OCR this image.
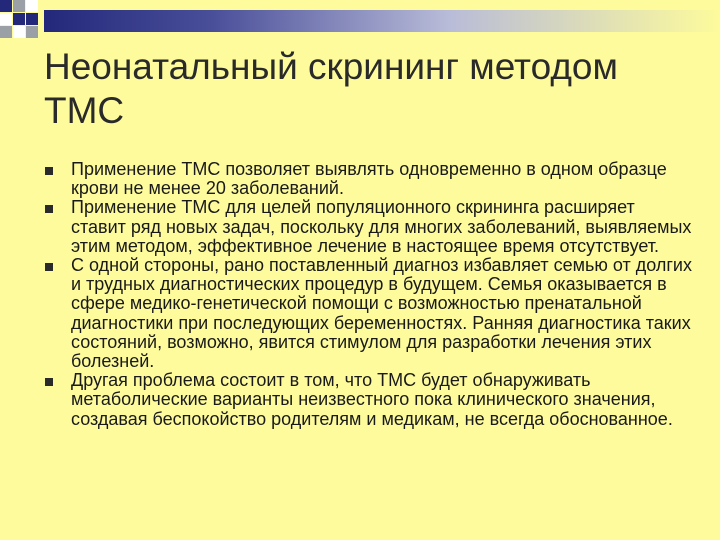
Неонатальный скрининг методом ТМС
Применение ТМС позволяет выявлять одновременно в одном образце крови не менее 20 заболеваний.
Применение ТМС для целей популяционного скрининга расширяет ставит ряд новых задач, поскольку для многих заболеваний, выявляемых этим методом, эффективное лечение в настоящее время отсутствует.
С одной стороны, рано поставленный диагноз избавляет семью от долгих и трудных диагностических процедур в будущем. Семья оказывается в сфере медико-генетической помощи с возможностью пренатальной диагностики при последующих беременностях. Ранняя диагностика таких состояний, возможно, явится стимулом для разработки лечения этих болезней.
Другая проблема состоит в том, что ТМС будет обнаруживать метаболические варианты неизвестного пока клинического значения, создавая беспокойство родителям и медикам, не всегда обоснованное.
